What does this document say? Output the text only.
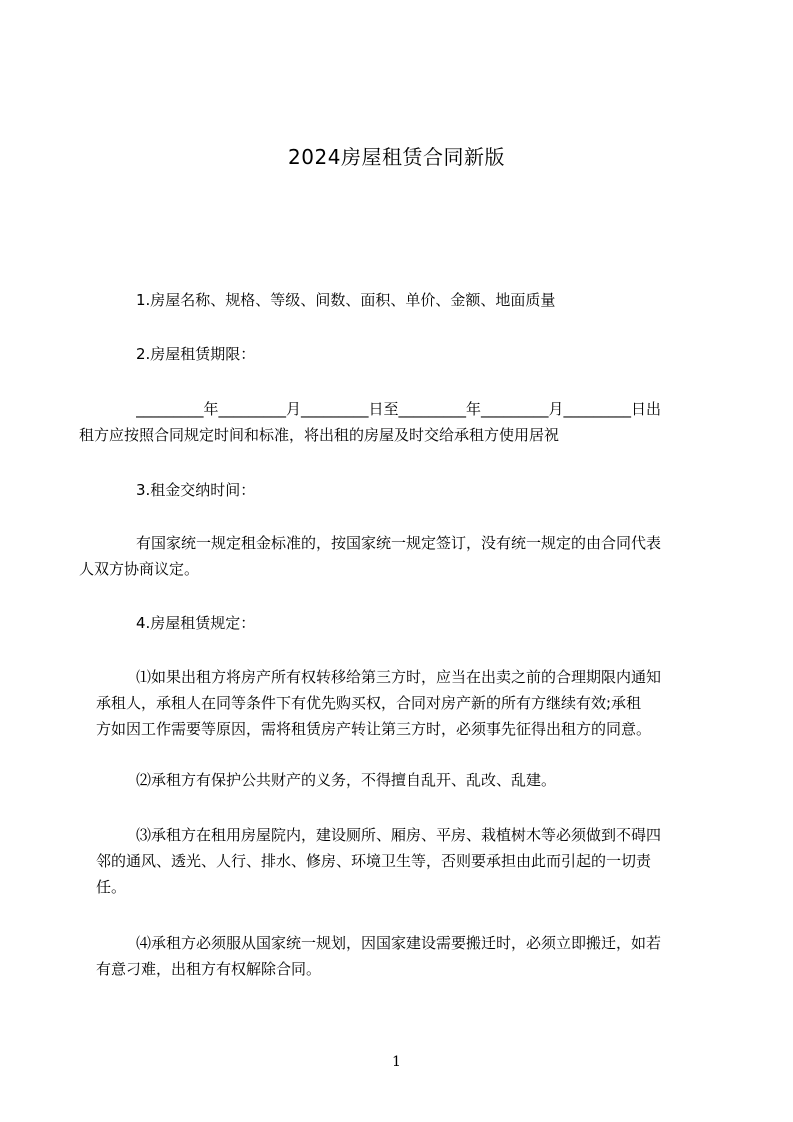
2024房屋租赁合同新版

1.房屋名称、规格、等级、间数、面积、单价、金额、地面质量

2.房屋租赁期限：

_________年_________月_________日至_________年_________月_________日出
租方应按照合同规定时间和标准，将出租的房屋及时交给承租方使用居祝

3.租金交纳时间：

有国家统一规定租金标准的，按国家统一规定签订，没有统一规定的由合同代表
人双方协商议定。

4.房屋租赁规定：

⑴如果出租方将房产所有权转移给第三方时，应当在出卖之前的合理期限内通知
承租人，承租人在同等条件下有优先购买权，合同对房产新的所有方继续有效;承租
方如因工作需要等原因，需将租赁房产转让第三方时，必须事先征得出租方的同意。

⑵承租方有保护公共财产的义务，不得擅自乱开、乱改、乱建。

⑶承租方在租用房屋院内，建设厕所、厢房、平房、栽植树木等必须做到不碍四
邻的通风、透光、人行、排水、修房、环境卫生等，否则要承担由此而引起的一切责
任。
⑷承租方必须服从国家统一规划，因国家建设需要搬迁时，必须立即搬迁，如若
有意刁难，出租方有权解除合同。
1
